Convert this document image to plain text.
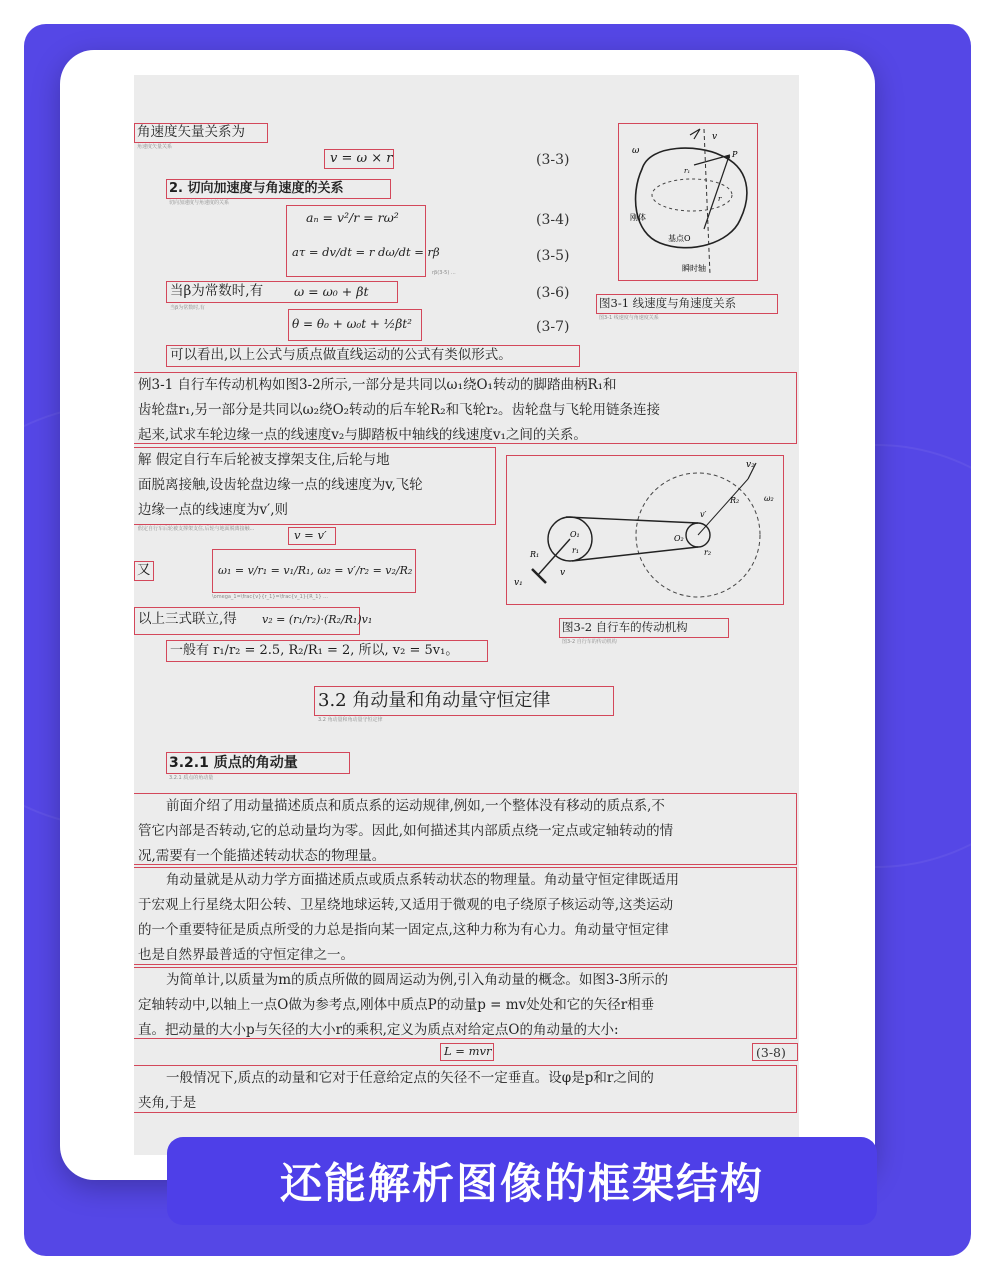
角速度矢量关系为
角速度矢量关系
v = ω × r	(3-3)
2. 切向加速度与角速度的关系
切向加速度与角速度的关系
aₙ = v²/r = rω²	(3-4)
aτ = dv/dt = r dω/dt = rβ	(3-5)
rβ(3-5) ...
当β为常数时,有 ω = ω₀ + βt	(3-6)
当β为常数时,有
θ = θ₀ + ω₀t + ½βt²	(3-7)
ω
v
P
r₁
r
刚体
基点O
瞬时轴
图3-1 线速度与角速度关系
图3-1 线速度与角速度关系
可以看出,以上公式与质点做直线运动的公式有类似形式。
例3-1 自行车传动机构如图3-2所示,一部分是共同以ω₁绕O₁转动的脚踏曲柄R₁和
齿轮盘r₁,另一部分是共同以ω₂绕O₂转动的后车轮R₂和飞轮r₂。齿轮盘与飞轮用链条连接
起来,试求车轮边缘一点的线速度v₂与脚踏板中轴线的线速度v₁之间的关系。
解 假定自行车后轮被支撑架支住,后轮与地
面脱离接触,设齿轮盘边缘一点的线速度为v,飞轮
边缘一点的线速度为v′,则
假定自行车后轮被支撑架支住,后轮与地面脱离接触...	v = v′
又	ω₁ = v/r₁ = v₁/R₁, ω₂ = v′/r₂ = v₂/R₂
\omega_1=\frac{v}{r_1}=\frac{v_1}{R_1} ...
以上三式联立,得 v₂ = (r₁/r₂)·(R₂/R₁)v₁
一般有 r₁/r₂ = 2.5, R₂/R₁ = 2, 所以, v₂ = 5v₁。
v₂
R₂	ω₂
v′
O₂
r₂
O₁
r₁
R₁
v₁
v
图3-2 自行车的传动机构
图3-2 自行车的传动机构
3.2 角动量和角动量守恒定律
3.2 角动量和角动量守恒定律
3.2.1 质点的角动量
3.2.1 质点的角动量
前面介绍了用动量描述质点和质点系的运动规律,例如,一个整体没有移动的质点系,不
管它内部是否转动,它的总动量均为零。因此,如何描述其内部质点绕一定点或定轴转动的情
况,需要有一个能描述转动状态的物理量。
角动量就是从动力学方面描述质点或质点系转动状态的物理量。角动量守恒定律既适用
于宏观上行星绕太阳公转、卫星绕地球运转,又适用于微观的电子绕原子核运动等,这类运动
的一个重要特征是质点所受的力总是指向某一固定点,这种力称为有心力。角动量守恒定律
也是自然界最普适的守恒定律之一。
为简单计,以质量为m的质点所做的圆周运动为例,引入角动量的概念。如图3-3所示的
定轴转动中,以轴上一点O做为参考点,刚体中质点P的动量p = mv处处和它的矢径r相垂
直。把动量的大小p与矢径的大小r的乘积,定义为质点对给定点O的角动量的大小:
L = mvr	(3-8)
一般情况下,质点的动量和它对于任意给定点的矢径不一定垂直。设φ是p和r之间的
夹角,于是
还能解析图像的框架结构
